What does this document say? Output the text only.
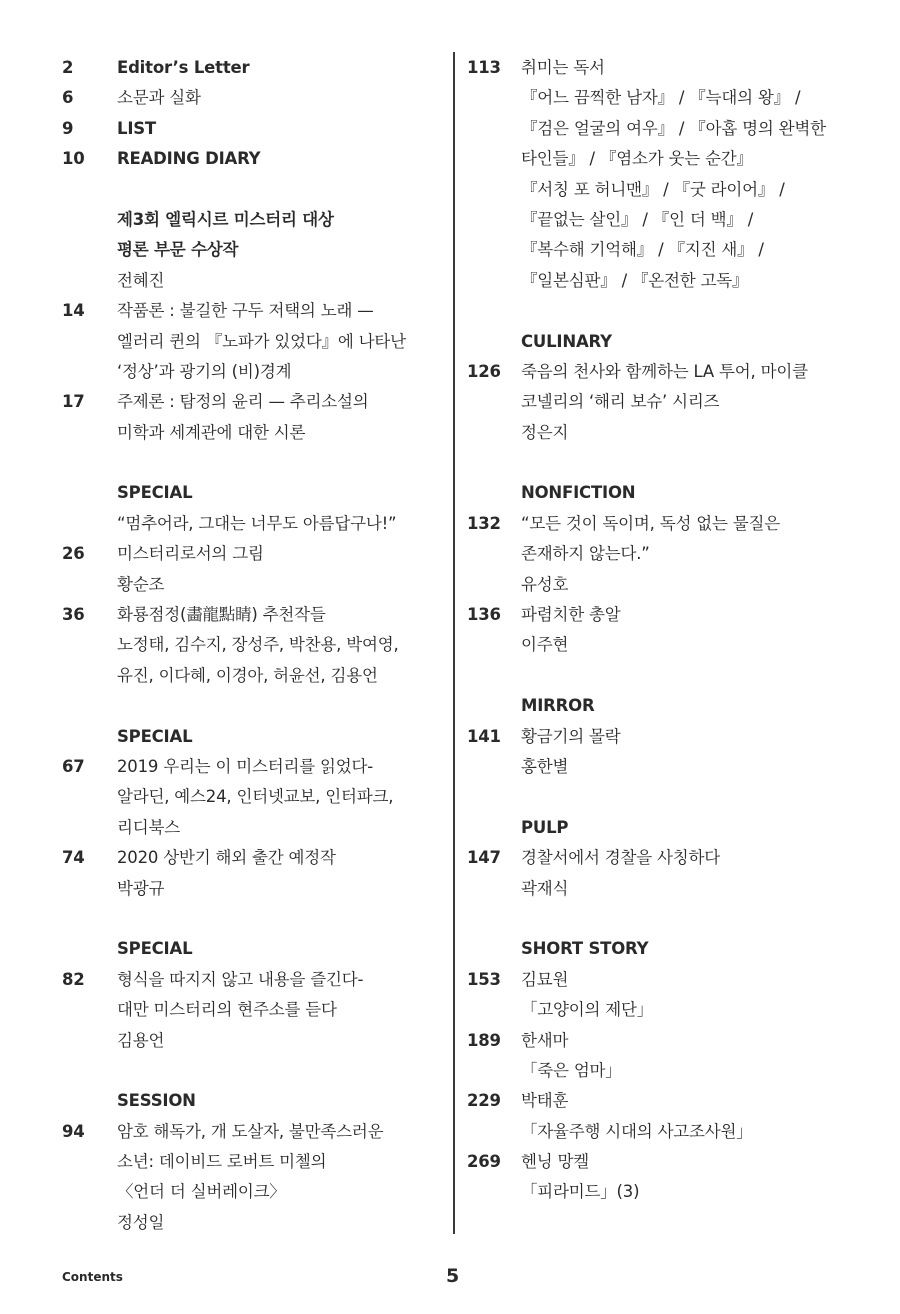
2	Editor’s Letter
6	소문과 실화
9	LIST
10 READING DIARY
제3회 엘릭시르 미스터리 대상
평론 부문 수상작
전혜진
14 작품론 : 불길한 구두 저택의 노래 —
엘러리 퀸의 『노파가 있었다』에 나타난
‘정상’과 광기의 (비)경계
17 주제론 : 탐정의 윤리 — 추리소설의
미학과 세계관에 대한 시론
SPECIAL
“멈추어라, 그대는 너무도 아름답구나!”
26 미스터리로서의 그림
황순조
36 화룡점정(畵龍點睛) 추천작들
노정태, 김수지, 장성주, 박찬용, 박여영,
유진, 이다혜, 이경아, 허윤선, 김용언
SPECIAL
67 2019 우리는 이 미스터리를 읽었다-
알라딘, 예스24, 인터넷교보, 인터파크,
리디북스
74 2020 상반기 해외 출간 예정작
박광규
SPECIAL
82 형식을 따지지 않고 내용을 즐긴다-
대만 미스터리의 현주소를 듣다
김용언
SESSION
94 암호 해독가, 개 도살자, 불만족스러운
소년: 데이비드 로버트 미첼의
〈언더 더 실버레이크〉
정성일
113 취미는 독서
『어느 끔찍한 남자』 / 『늑대의 왕』 /
『검은 얼굴의 여우』 / 『아홉 명의 완벽한
타인들』 / 『염소가 웃는 순간』
『서칭 포 허니맨』 / 『굿 라이어』 /
『끝없는 살인』 / 『인 더 백』 /
『복수해 기억해』 / 『지진 새』 /
『일본심판』 / 『온전한 고독』
CULINARY
126 죽음의 천사와 함께하는 LA 투어, 마이클
코넬리의 ‘해리 보슈’ 시리즈
정은지
NONFICTION
132 “모든 것이 독이며, 독성 없는 물질은
존재하지 않는다.”
유성호
136 파렴치한 총알
이주현
MIRROR
141 황금기의 몰락
홍한별
PULP
147 경찰서에서 경찰을 사칭하다
곽재식
SHORT STORY
153 김묘원
「고양이의 제단」
189 한새마
「죽은 엄마」
229 박태훈
「자율주행 시대의 사고조사원」
269 헨닝 망켈
「피라미드」(3)
Contents	5
